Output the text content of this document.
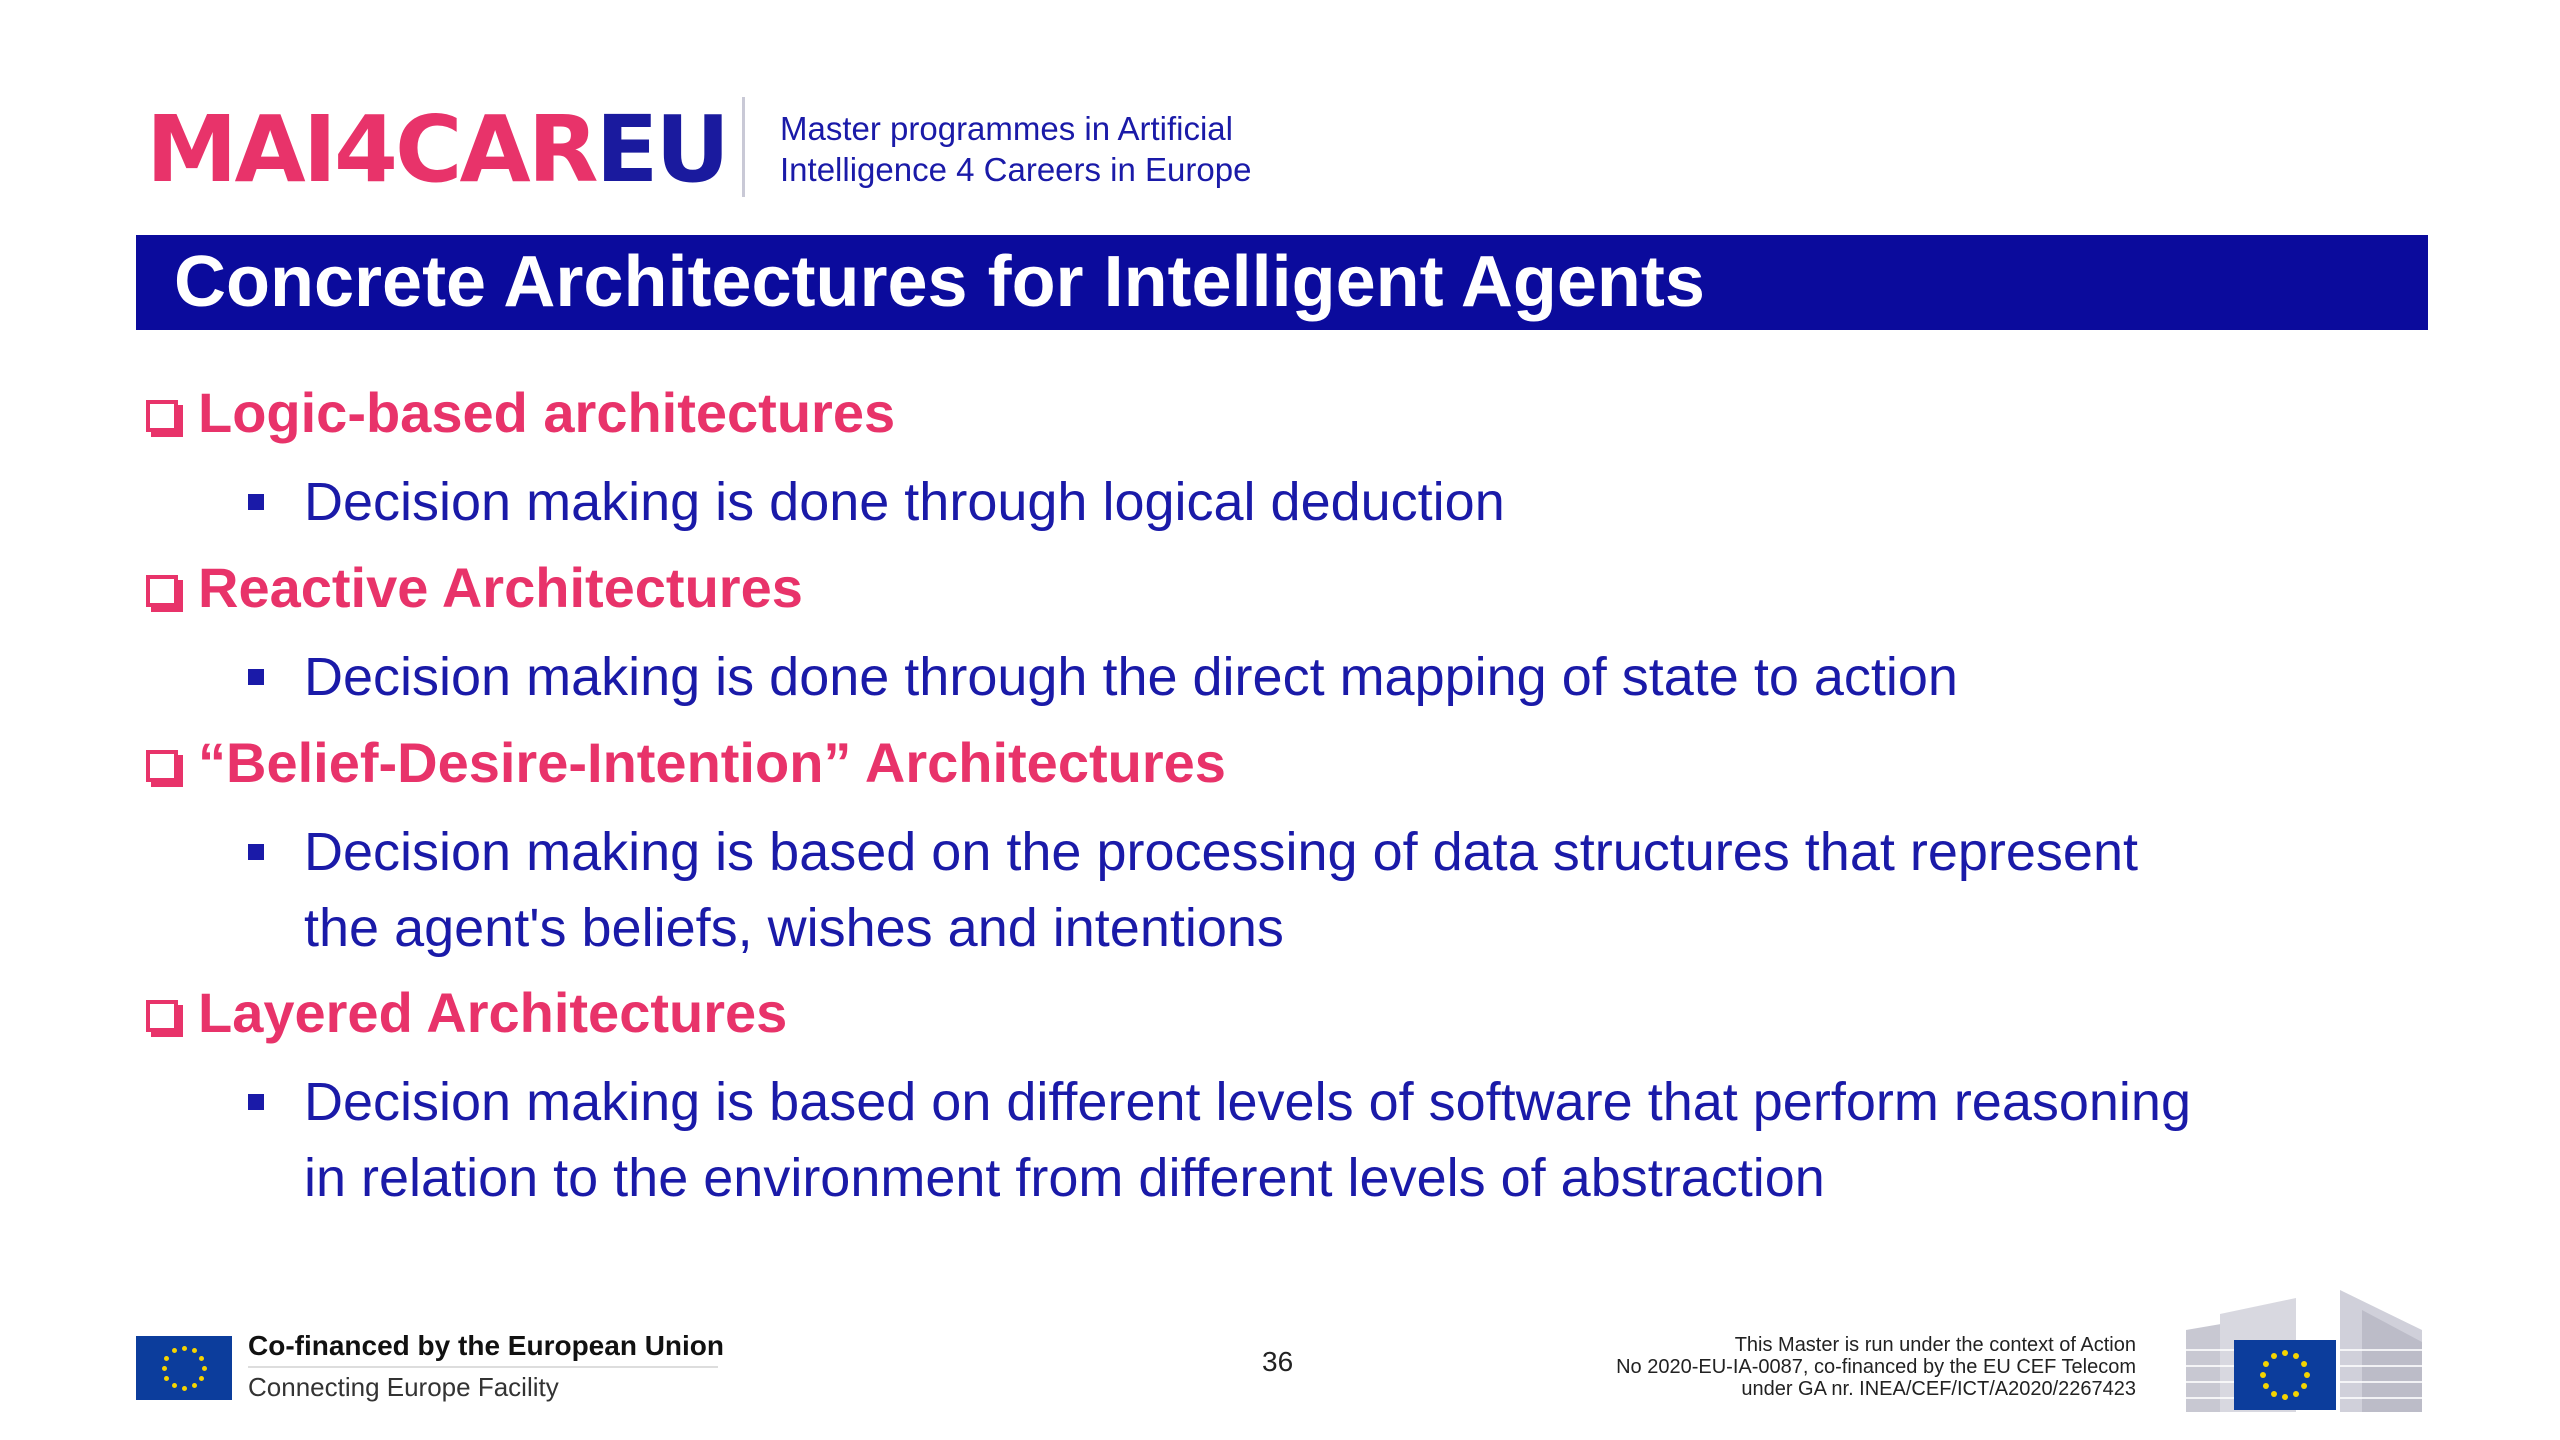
MAI4CAREU Master programmes in Artificial
Intelligence 4 Careers in Europe
Concrete Architectures for Intelligent Agents
Logic-based architectures
Decision making is done through logical deduction
Reactive Architectures
Decision making is done through the direct mapping of state to action
“Belief-Desire-Intention” Architectures
Decision making is based on the processing of data structures that represent
the agent's beliefs, wishes and intentions
Layered Architectures
Decision making is based on different levels of software that perform reasoning
in relation to the environment from different levels of abstraction
Co-financed by the European Union
Connecting Europe Facility
36
This Master is run under the context of Action
No 2020-EU-IA-0087, co-financed by the EU CEF Telecom
under GA nr. INEA/CEF/ICT/A2020/2267423
